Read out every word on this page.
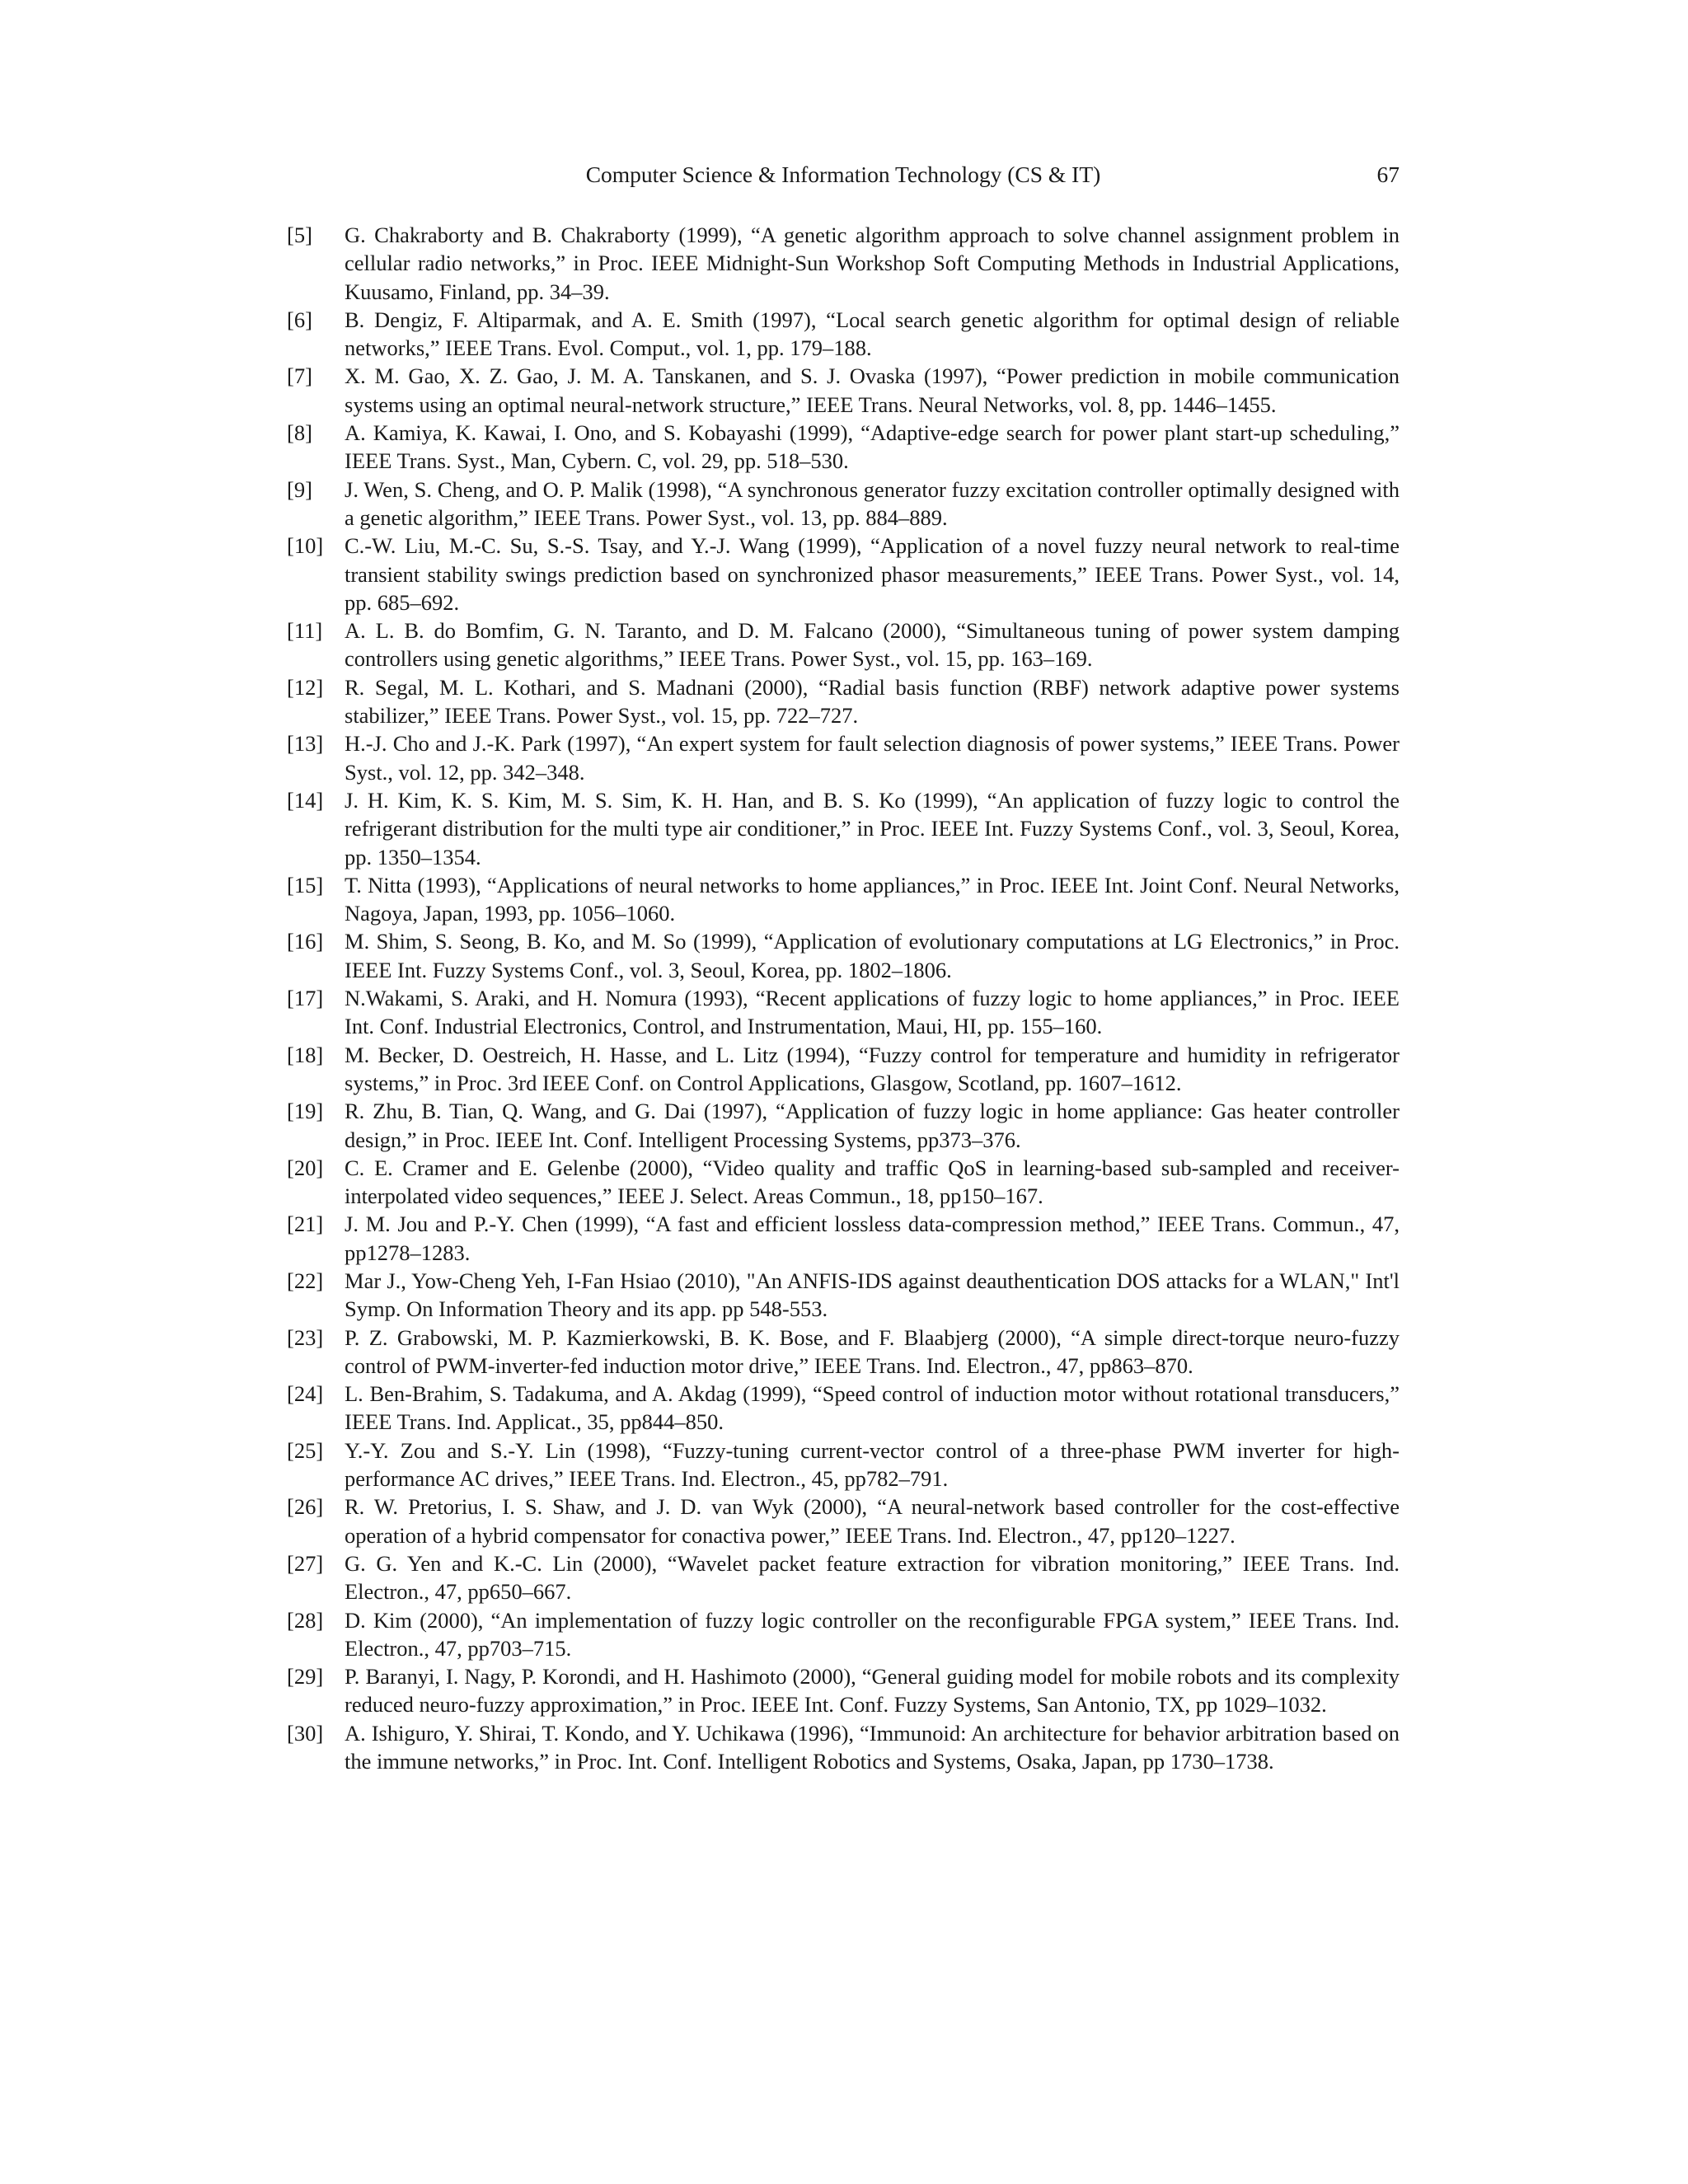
Computer Science & Information Technology (CS & IT)	67
[5] G. Chakraborty and B. Chakraborty (1999), “A genetic algorithm approach to solve channel assignment problem in cellular radio networks,” in Proc. IEEE Midnight-Sun Workshop Soft Computing Methods in Industrial Applications, Kuusamo, Finland, pp. 34–39.
[6] B. Dengiz, F. Altiparmak, and A. E. Smith (1997), “Local search genetic algorithm for optimal design of reliable networks,” IEEE Trans. Evol. Comput., vol. 1, pp. 179–188.
[7] X. M. Gao, X. Z. Gao, J. M. A. Tanskanen, and S. J. Ovaska (1997), “Power prediction in mobile communication systems using an optimal neural-network structure,” IEEE Trans. Neural Networks, vol. 8, pp. 1446–1455.
[8] A. Kamiya, K. Kawai, I. Ono, and S. Kobayashi (1999), “Adaptive-edge search for power plant start-up scheduling,” IEEE Trans. Syst., Man, Cybern. C, vol. 29, pp. 518–530.
[9] J. Wen, S. Cheng, and O. P. Malik (1998), “A synchronous generator fuzzy excitation controller optimally designed with a genetic algorithm,” IEEE Trans. Power Syst., vol. 13, pp. 884–889.
[10] C.-W. Liu, M.-C. Su, S.-S. Tsay, and Y.-J. Wang (1999), “Application of a novel fuzzy neural network to real-time transient stability swings prediction based on synchronized phasor measurements,” IEEE Trans. Power Syst., vol. 14, pp. 685–692.
[11] A. L. B. do Bomfim, G. N. Taranto, and D. M. Falcano (2000), “Simultaneous tuning of power system damping controllers using genetic algorithms,” IEEE Trans. Power Syst., vol. 15, pp. 163–169.
[12] R. Segal, M. L. Kothari, and S. Madnani (2000), “Radial basis function (RBF) network adaptive power systems stabilizer,” IEEE Trans. Power Syst., vol. 15, pp. 722–727.
[13] H.-J. Cho and J.-K. Park (1997), “An expert system for fault selection diagnosis of power systems,” IEEE Trans. Power Syst., vol. 12, pp. 342–348.
[14] J. H. Kim, K. S. Kim, M. S. Sim, K. H. Han, and B. S. Ko (1999), “An application of fuzzy logic to control the refrigerant distribution for the multi type air conditioner,” in Proc. IEEE Int. Fuzzy Systems Conf., vol. 3, Seoul, Korea, pp. 1350–1354.
[15] T. Nitta (1993), “Applications of neural networks to home appliances,” in Proc. IEEE Int. Joint Conf. Neural Networks, Nagoya, Japan, 1993, pp. 1056–1060.
[16] M. Shim, S. Seong, B. Ko, and M. So (1999), “Application of evolutionary computations at LG Electronics,” in Proc. IEEE Int. Fuzzy Systems Conf., vol. 3, Seoul, Korea, pp. 1802–1806.
[17] N.Wakami, S. Araki, and H. Nomura (1993), “Recent applications of fuzzy logic to home appliances,” in Proc. IEEE Int. Conf. Industrial Electronics, Control, and Instrumentation, Maui, HI, pp. 155–160.
[18] M. Becker, D. Oestreich, H. Hasse, and L. Litz (1994), “Fuzzy control for temperature and humidity in refrigerator systems,” in Proc. 3rd IEEE Conf. on Control Applications, Glasgow, Scotland, pp. 1607–1612.
[19] R. Zhu, B. Tian, Q. Wang, and G. Dai (1997), “Application of fuzzy logic in home appliance: Gas heater controller design,” in Proc. IEEE Int. Conf. Intelligent Processing Systems, pp373–376.
[20] C. E. Cramer and E. Gelenbe (2000), “Video quality and traffic QoS in learning-based sub-sampled and receiver-interpolated video sequences,” IEEE J. Select. Areas Commun., 18, pp150–167.
[21] J. M. Jou and P.-Y. Chen (1999), “A fast and efficient lossless data-compression method,” IEEE Trans. Commun., 47, pp1278–1283.
[22] Mar J., Yow-Cheng Yeh, I-Fan Hsiao (2010), "An ANFIS-IDS against deauthentication DOS attacks for a WLAN," Int'l Symp. On Information Theory and its app. pp 548-553.
[23] P. Z. Grabowski, M. P. Kazmierkowski, B. K. Bose, and F. Blaabjerg (2000), “A simple direct-torque neuro-fuzzy control of PWM-inverter-fed induction motor drive,” IEEE Trans. Ind. Electron., 47, pp863–870.
[24] L. Ben-Brahim, S. Tadakuma, and A. Akdag (1999), “Speed control of induction motor without rotational transducers,” IEEE Trans. Ind. Applicat., 35, pp844–850.
[25] Y.-Y. Zou and S.-Y. Lin (1998), “Fuzzy-tuning current-vector control of a three-phase PWM inverter for high-performance AC drives,” IEEE Trans. Ind. Electron., 45, pp782–791.
[26] R. W. Pretorius, I. S. Shaw, and J. D. van Wyk (2000), “A neural-network based controller for the cost-effective operation of a hybrid compensator for conactiva power,” IEEE Trans. Ind. Electron., 47, pp120–1227.
[27] G. G. Yen and K.-C. Lin (2000), “Wavelet packet feature extraction for vibration monitoring,” IEEE Trans. Ind. Electron., 47, pp650–667.
[28] D. Kim (2000), “An implementation of fuzzy logic controller on the reconfigurable FPGA system,” IEEE Trans. Ind. Electron., 47, pp703–715.
[29] P. Baranyi, I. Nagy, P. Korondi, and H. Hashimoto (2000), “General guiding model for mobile robots and its complexity reduced neuro-fuzzy approximation,” in Proc. IEEE Int. Conf. Fuzzy Systems, San Antonio, TX, pp 1029–1032.
[30] A. Ishiguro, Y. Shirai, T. Kondo, and Y. Uchikawa (1996), “Immunoid: An architecture for behavior arbitration based on the immune networks,” in Proc. Int. Conf. Intelligent Robotics and Systems, Osaka, Japan, pp 1730–1738.
